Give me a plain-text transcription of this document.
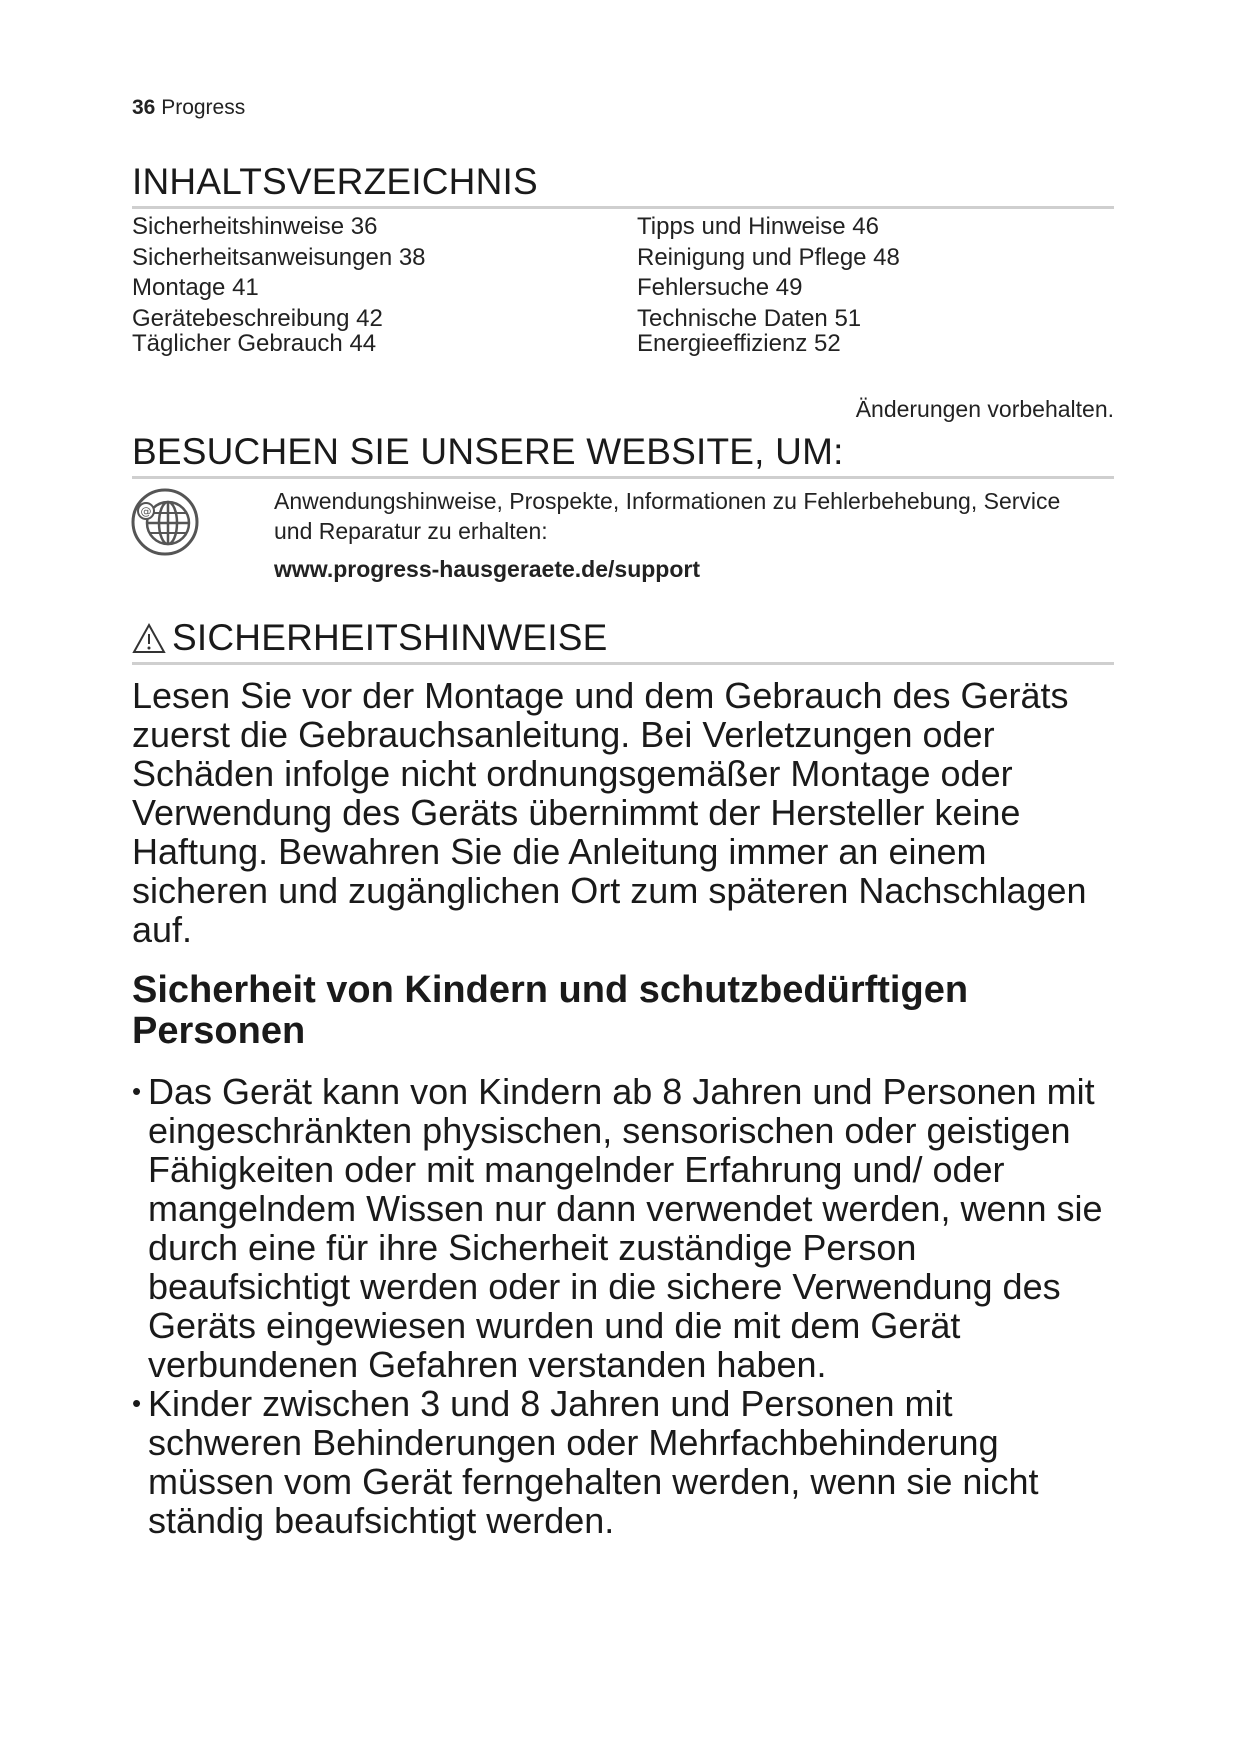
36 Progress
INHALTSVERZEICHNIS
Sicherheitshinweise 36
Sicherheitsanweisungen 38
Montage 41
Gerätebeschreibung 42
Täglicher Gebrauch 44
Tipps und Hinweise 46
Reinigung und Pflege 48
Fehlersuche 49
Technische Daten 51
Energieeffizienz 52
Änderungen vorbehalten.
BESUCHEN SIE UNSERE WEBSITE, UM:
@	Anwendungshinweise, Prospekte, Informationen zu Fehlerbehebung, Service und Reparatur zu erhalten:
www.progress-hausgeraete.de/support
SICHERHEITSHINWEISE

Lesen Sie vor der Montage und dem Gebrauch des Geräts zuerst die Gebrauchsanleitung. Bei Verletzungen oder Schäden infolge nicht ordnungsgemäßer Montage oder Verwendung des Geräts übernimmt der Hersteller keine Haftung. Bewahren Sie die Anleitung immer an einem sicheren und zugänglichen Ort zum späteren Nachschlagen auf.

Sicherheit von Kindern und schutzbedürftigen Personen
• Das Gerät kann von Kindern ab 8 Jahren und Personen mit eingeschränkten physischen, sensorischen oder geistigen Fähigkeiten oder mit mangelnder Erfahrung und/ oder mangelndem Wissen nur dann verwendet werden, wenn sie durch eine für ihre Sicherheit zuständige Person beaufsichtigt werden oder in die sichere Verwendung des Geräts eingewiesen wurden und die mit dem Gerät verbundenen Gefahren verstanden haben.
• Kinder zwischen 3 und 8 Jahren und Personen mit schweren Behinderungen oder Mehrfachbehinderung müssen vom Gerät ferngehalten werden, wenn sie nicht ständig beaufsichtigt werden.
